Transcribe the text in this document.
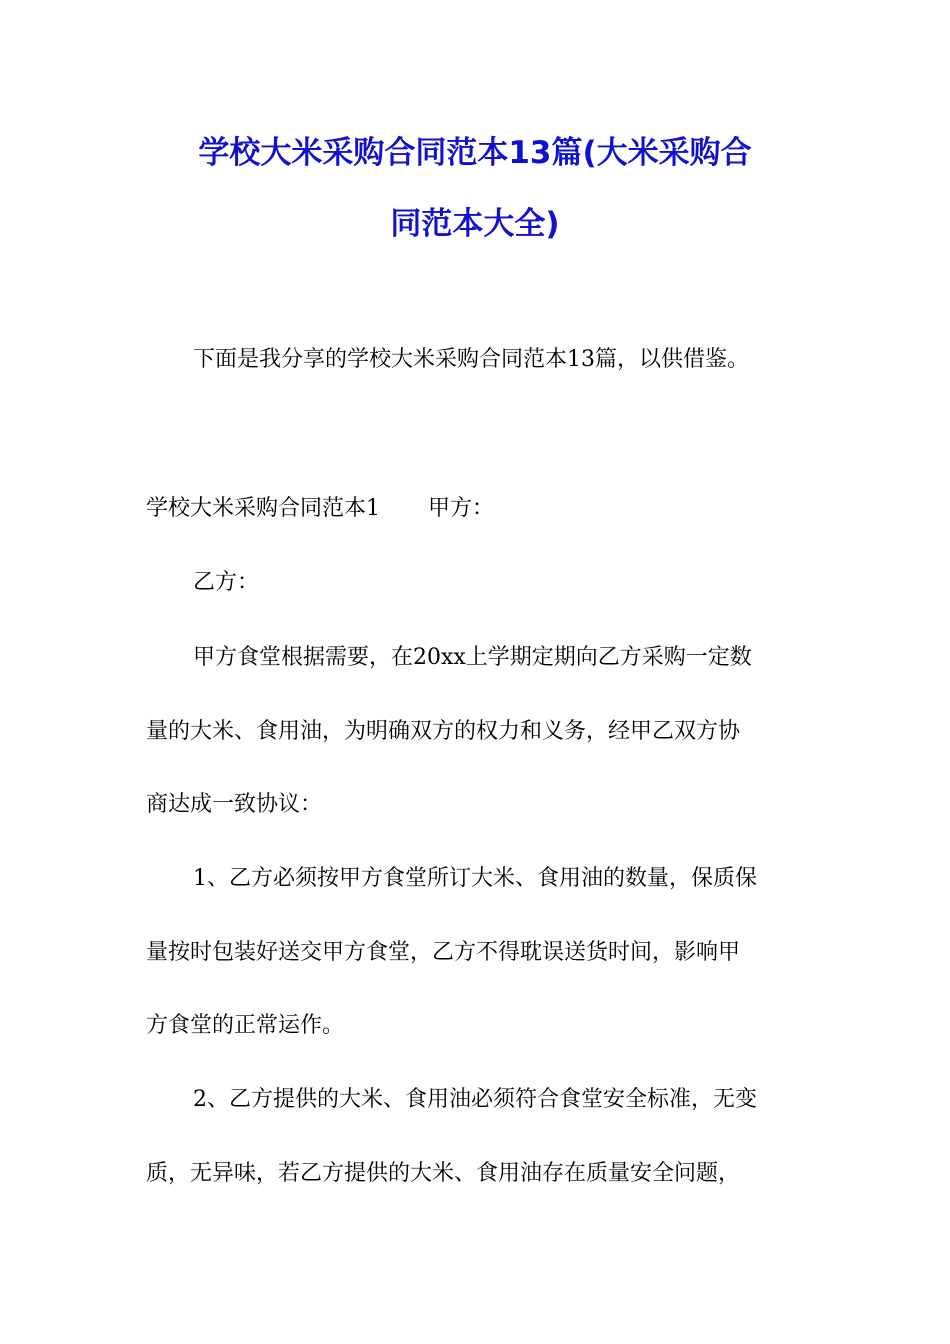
学校大米采购合同范本13篇(大米采购合
同范本大全)
下面是我分享的学校大米采购合同范本13篇，以供借鉴。
学校大米采购合同范本1 甲方：
乙方：
甲方食堂根据需要，在20xx上学期定期向乙方采购一定数
量的大米、食用油，为明确双方的权力和义务，经甲乙双方协
商达成一致协议：
1、乙方必须按甲方食堂所订大米、食用油的数量，保质保
量按时包装好送交甲方食堂，乙方不得耽误送货时间，影响甲
方食堂的正常运作。
2、乙方提供的大米、食用油必须符合食堂安全标准，无变
质，无异味，若乙方提供的大米、食用油存在质量安全问题，
